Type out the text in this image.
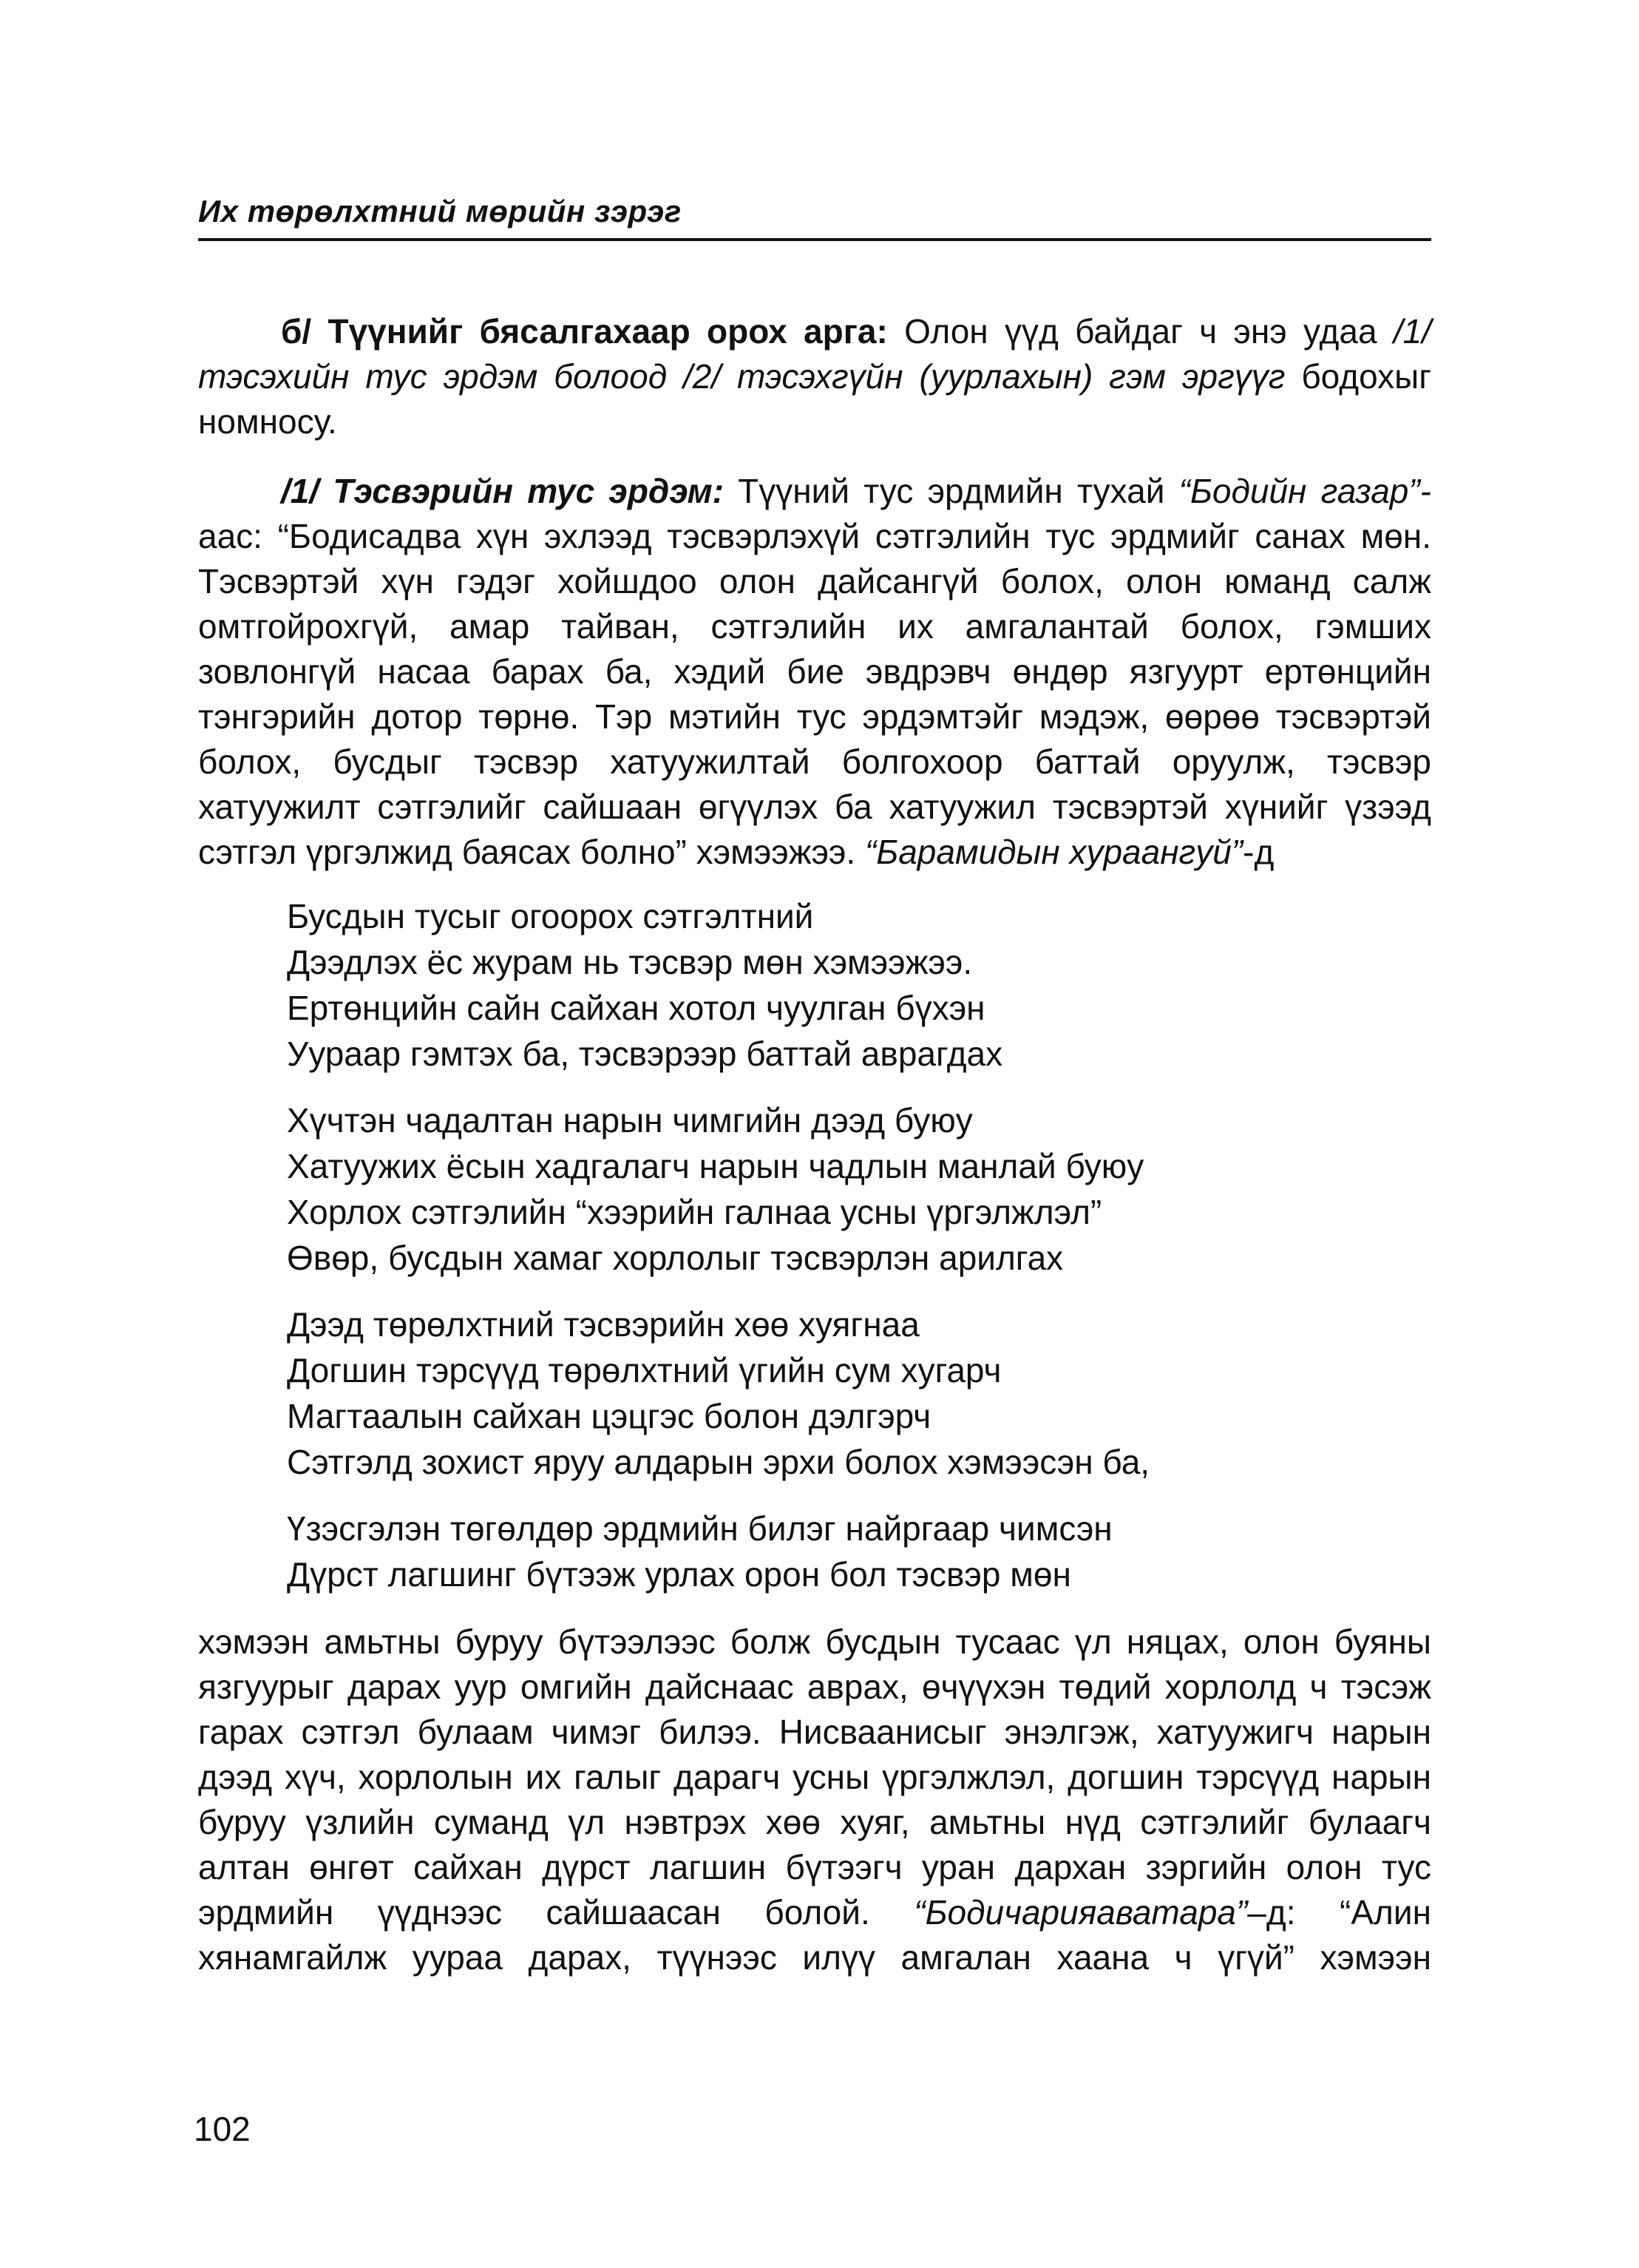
Их төрөлхтний мөрийн зэрэг
б/ Түүнийг бясалгахаар орох арга: Олон үүд байдаг ч энэ удаа /1/
тэсэхийн тус эрдэм болоод /2/ тэсэхгүйн (уурлахын) гэм эргүүг бодохыг
номносу.
/1/ Тэсвэрийн тус эрдэм: Түүний тус эрдмийн тухай “Бодийн газар”-
аас: “Бодисадва хүн эхлээд тэсвэрлэхүй сэтгэлийн тус эрдмийг санах мөн.
Тэсвэртэй хүн гэдэг хойшдоо олон дайсангүй болох, олон юманд салж
омтгойрохгүй, амар тайван, сэтгэлийн их амгалантай болох, гэмших
зовлонгүй насаа барах ба, хэдий бие эвдрэвч өндөр язгуурт ертөнцийн
тэнгэрийн дотор төрнө. Тэр мэтийн тус эрдэмтэйг мэдэж, өөрөө тэсвэртэй
болох, бусдыг тэсвэр хатуужилтай болгохоор баттай оруулж, тэсвэр
хатуужилт сэтгэлийг сайшаан өгүүлэх ба хатуужил тэсвэртэй хүнийг үзээд
сэтгэл үргэлжид баясах болно” хэмээжээ. “Барамидын хураангуй”-д
Бусдын тусыг огоорох сэтгэлтний
Дээдлэх ёс журам нь тэсвэр мөн хэмээжээ.
Ертөнцийн сайн сайхан хотол чуулган бүхэн
Уураар гэмтэх ба, тэсвэрээр баттай аврагдах
Хүчтэн чадалтан нарын чимгийн дээд буюу
Хатуужих ёсын хадгалагч нарын чадлын манлай буюу
Хорлох сэтгэлийн “хээрийн галнаа усны үргэлжлэл”
Өвөр, бусдын хамаг хорлолыг тэсвэрлэн арилгах
Дээд төрөлхтний тэсвэрийн хөө хуягнаа
Догшин тэрсүүд төрөлхтний үгийн сум хугарч
Магтаалын сайхан цэцгэс болон дэлгэрч
Сэтгэлд зохист яруу алдарын эрхи болох хэмээсэн ба,
Үзэсгэлэн төгөлдөр эрдмийн билэг найргаар чимсэн
Дүрст лагшинг бүтээж урлах орон бол тэсвэр мөн
хэмээн амьтны буруу бүтээлээс болж бусдын тусаас үл няцах, олон буяны
язгуурыг дарах уур омгийн дайснаас аврах, өчүүхэн төдий хорлолд ч тэсэж
гарах сэтгэл булаам чимэг билээ. Нисваанисыг энэлгэж, хатуужигч нарын
дээд хүч, хорлолын их галыг дарагч усны үргэлжлэл, догшин тэрсүүд нарын
буруу үзлийн суманд үл нэвтрэх хөө хуяг, амьтны нүд сэтгэлийг булаагч
алтан өнгөт сайхан дүрст лагшин бүтээгч уран дархан зэргийн олон тус
эрдмийн үүднээс сайшаасан болой. “Бодичарияаватара”–д: “Алин
хянамгайлж уураа дарах, түүнээс илүү амгалан хаана ч үгүй” хэмээн
102
